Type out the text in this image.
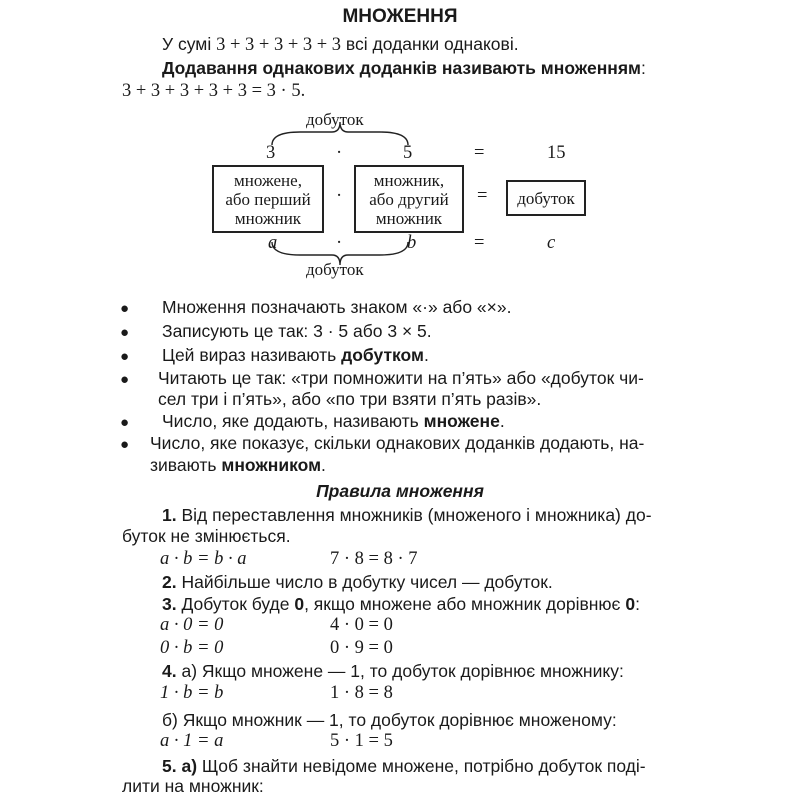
МНОЖЕННЯ
У сумі 3 + 3 + 3 + 3 + 3 всі доданки однакові.
Додавання однакових доданків називають множенням:
3 + 3 + 3 + 3 + 3 = 3 · 5.
добуток
3	·	5	=	15
множене,
або перший
множник
·
множник,
або другий
множник
=	добуток
a	·	b	=	c
добуток
● Множення позначають знаком «·» або «×».
● Записують це так: 3 · 5 або 3 × 5.
● Цей вираз називають добутком.
● Читають це так: «три помножити на п’ять» або «добуток чи-
сел три і п’ять», або «по три взяти п’ять разів».
● Число, яке додають, називають множене.
● Число, яке показує, скільки однакових доданків додають, на-
зивають множником.
Правила множення
1. Від переставлення множників (множеного і множника) до-
буток не змінюється.
a · b = b · a	7 · 8 = 8 · 7
2. Найбільше число в добутку чисел — добуток.
3. Добуток буде 0, якщо множене або множник дорівнює 0:
a · 0 = 0	4 · 0 = 0
0 · b = 0	0 · 9 = 0
4. а) Якщо множене — 1, то добуток дорівнює множнику:
1 · b = b	1 · 8 = 8
б) Якщо множник — 1, то добуток дорівнює множеному:
a · 1 = a	5 · 1 = 5
5. а) Щоб знайти невідоме множене, потрібно добуток поді-
лити на множник:
